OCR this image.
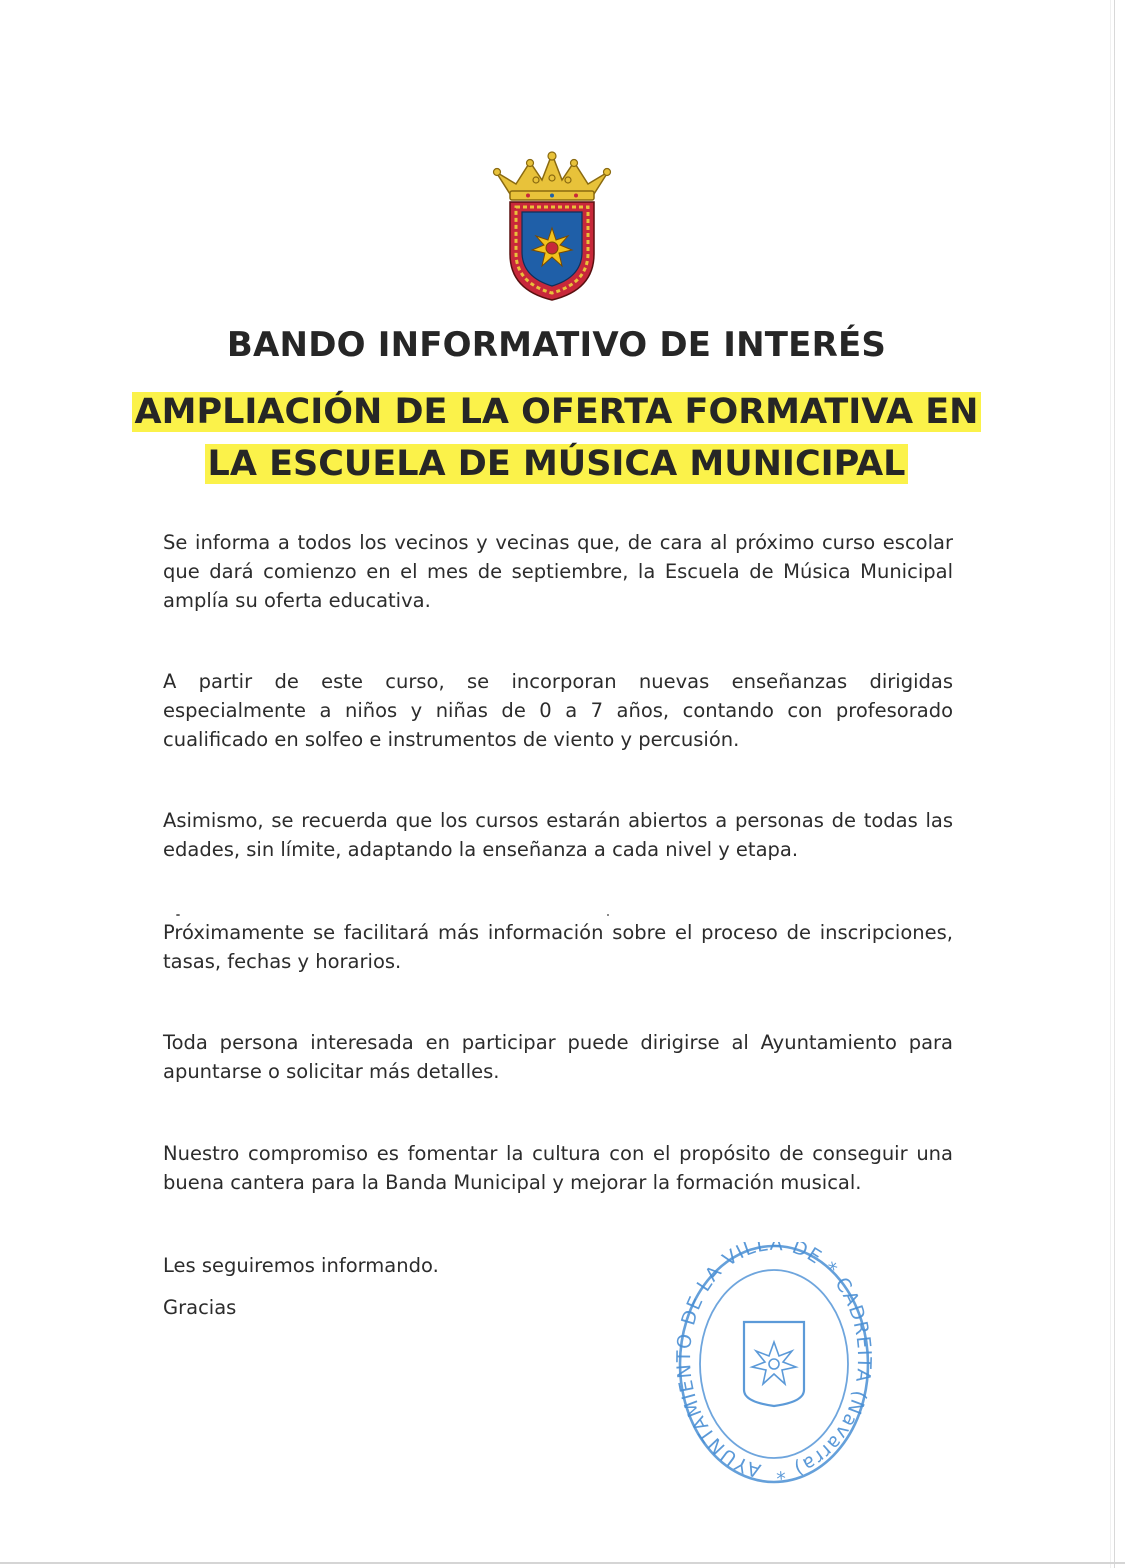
BANDO INFORMATIVO DE INTERÉS
AMPLIACIÓN DE LA OFERTA FORMATIVA EN
LA ESCUELA DE MÚSICA MUNICIPAL

Se informa a todos los vecinos y vecinas que, de cara al próximo curso escolar que dará comienzo en el mes de septiembre, la Escuela de Música Municipal amplía su oferta educativa.

A partir de este curso, se incorporan nuevas enseñanzas dirigidas especialmente a niños y niñas de 0 a 7 años, contando con profesorado cualificado en solfeo e instrumentos de viento y percusión.

Asimismo, se recuerda que los cursos estarán abiertos a personas de todas las edades, sin límite, adaptando la enseñanza a cada nivel y etapa.

Próximamente se facilitará más información sobre el proceso de inscripciones, tasas, fechas y horarios.

Toda persona interesada en participar puede dirigirse al Ayuntamiento para apuntarse o solicitar más detalles.

Nuestro compromiso es fomentar la cultura con el propósito de conseguir una buena cantera para la Banda Municipal y mejorar la formación musical.

Les seguiremos informando.
Gracias
AYUNTAMIE DE LA VILLA DE * CADR (Navarra) *
